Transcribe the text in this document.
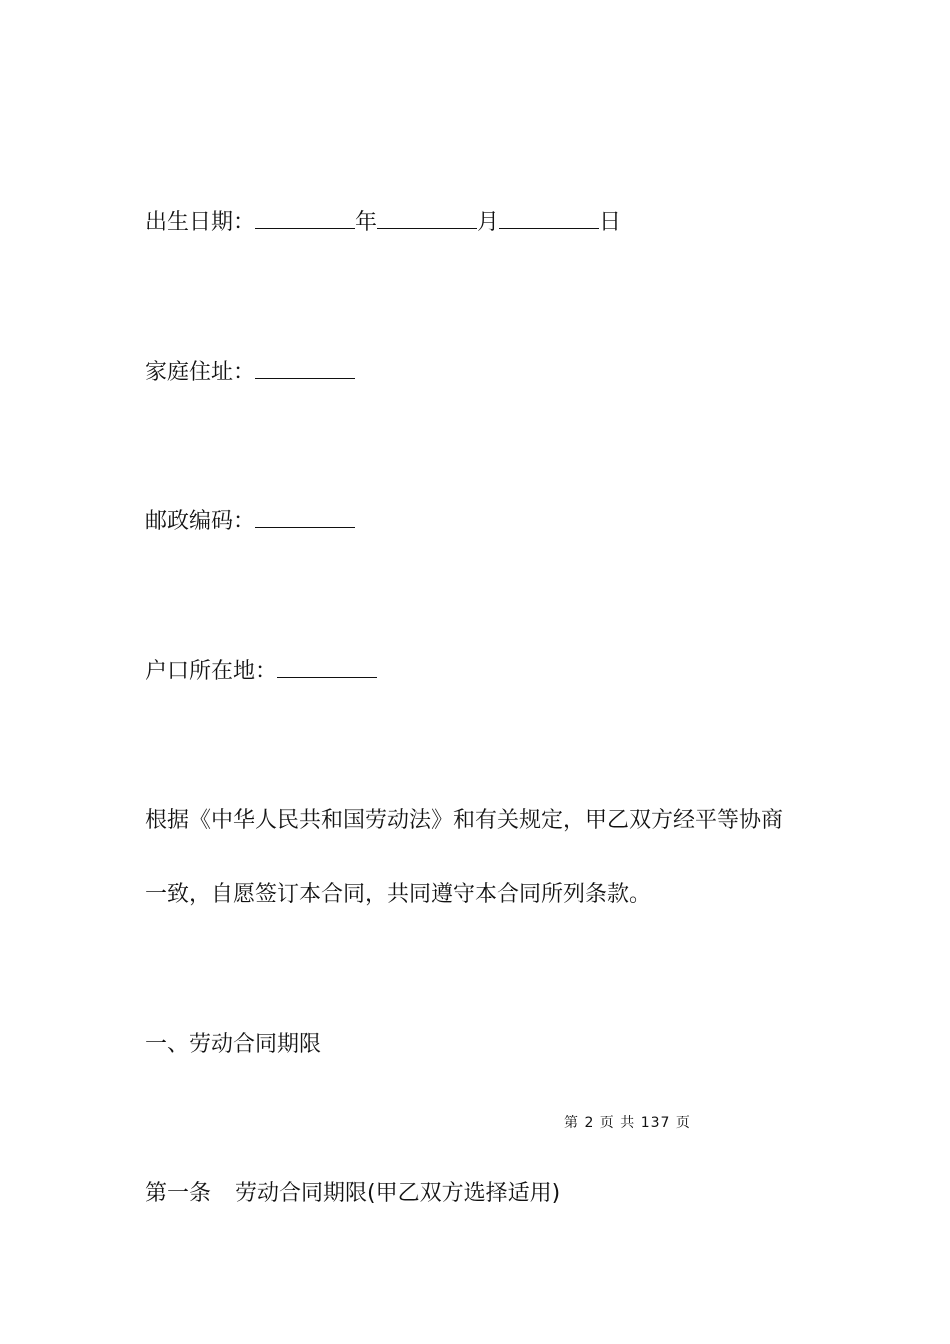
出生日期：	年	月	日
家庭住址：
邮政编码：
户口所在地：
根据《中华人民共和国劳动法》和有关规定，甲乙双方经平等协商
一致，自愿签订本合同，共同遵守本合同所列条款。
一、劳动合同期限
第 2 页 共 137 页
第一条 劳动合同期限(甲乙双方选择适用)
